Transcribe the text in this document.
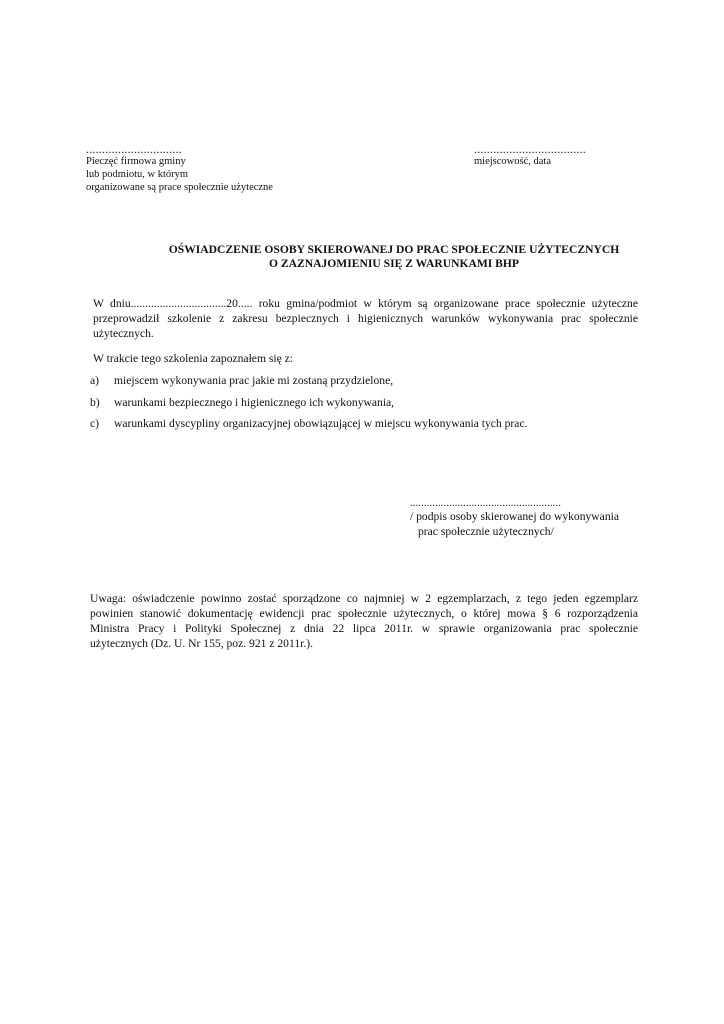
..............................
Pieczęć firmowa gminy
lub podmiotu, w którym
organizowane są prace społecznie użyteczne
...................................
miejscowość, data
OŚWIADCZENIE OSOBY SKIEROWANEJ DO PRAC SPOŁECZNIE UŻYTECZNYCH
O ZAZNAJOMIENIU SIĘ Z WARUNKAMI BHP
W dniu.................................20..... roku gmina/podmiot w którym są organizowane prace społecznie użyteczne
przeprowadził szkolenie z zakresu bezpiecznych i higienicznych warunków wykonywania prac społecznie
użytecznych.
W trakcie tego szkolenia zapoznałem się z:
a) miejscem wykonywania prac jakie mi zostaną przydzielone,
b) warunkami bezpiecznego i higienicznego ich wykonywania,
c) warunkami dyscypliny organizacyjnej obowiązującej w miejscu wykonywania tych prac.
......................................................
/ podpis osoby skierowanej do wykonywania
prac społecznie użytecznych/
Uwaga: oświadczenie powinno zostać sporządzone co najmniej w 2 egzemplarzach, z tego jeden egzemplarz
powinien stanowić dokumentację ewidencji prac społecznie użytecznych, o której mowa § 6 rozporządzenia
Ministra Pracy i Polityki Społecznej z dnia 22 lipca 2011r. w sprawie organizowania prac społecznie
użytecznych (Dz. U. Nr 155, poz. 921 z 2011r.).
